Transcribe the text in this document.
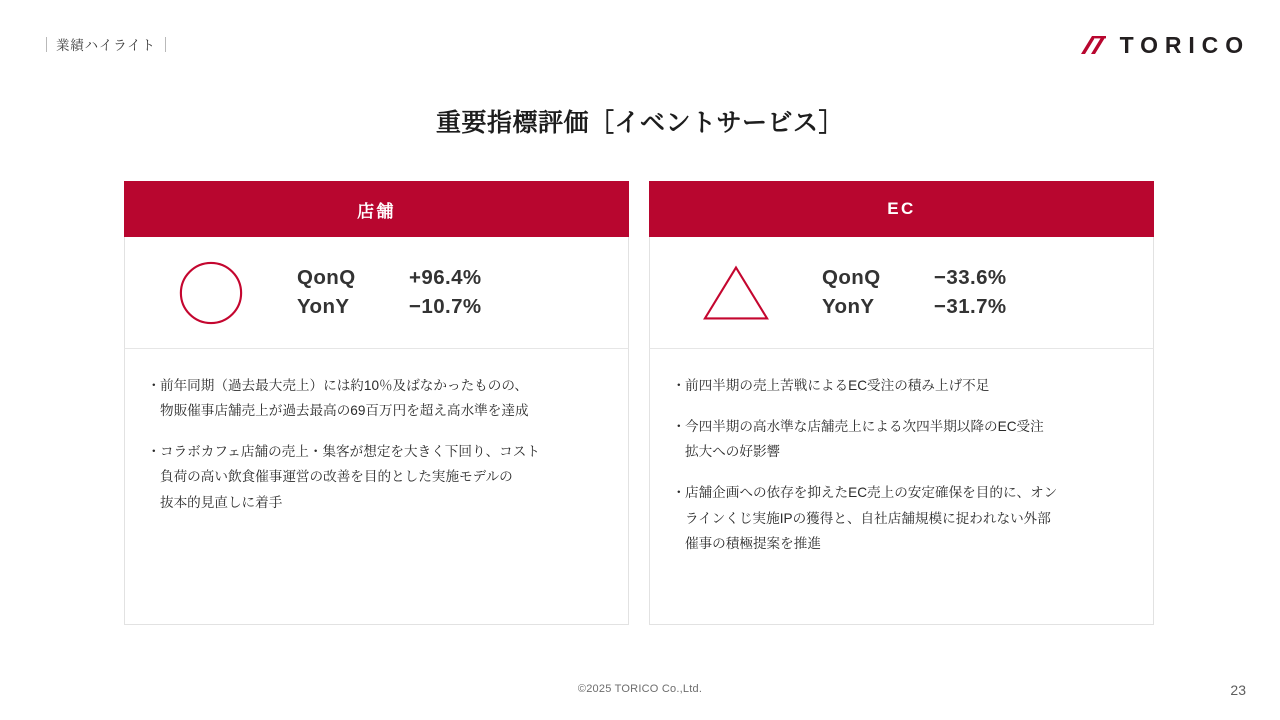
業績ハイライト	TORICO
重要指標評価［イベントサービス］
店舗
QonQ	+96.4%
YonY	−10.7%
・ 前年同期（過去最大売上）には約10％及ばなかったものの、
物販催事店舗売上が過去最高の69百万円を超え高水準を達成
・ コラボカフェ店舗の売上・集客が想定を大きく下回り、コスト
負荷の高い飲食催事運営の改善を目的とした実施モデルの
抜本的見直しに着手
EC
QonQ	−33.6%
YonY	−31.7%
・ 前四半期の売上苦戦によるEC受注の積み上げ不足
・ 今四半期の高水準な店舗売上による次四半期以降のEC受注
拡大への好影響
・ 店舗企画への依存を抑えたEC売上の安定確保を目的に、オン
ラインくじ実施IPの獲得と、自社店舗規模に捉われない外部
催事の積極提案を推進
©2025 TORICO Co.,Ltd.	23
